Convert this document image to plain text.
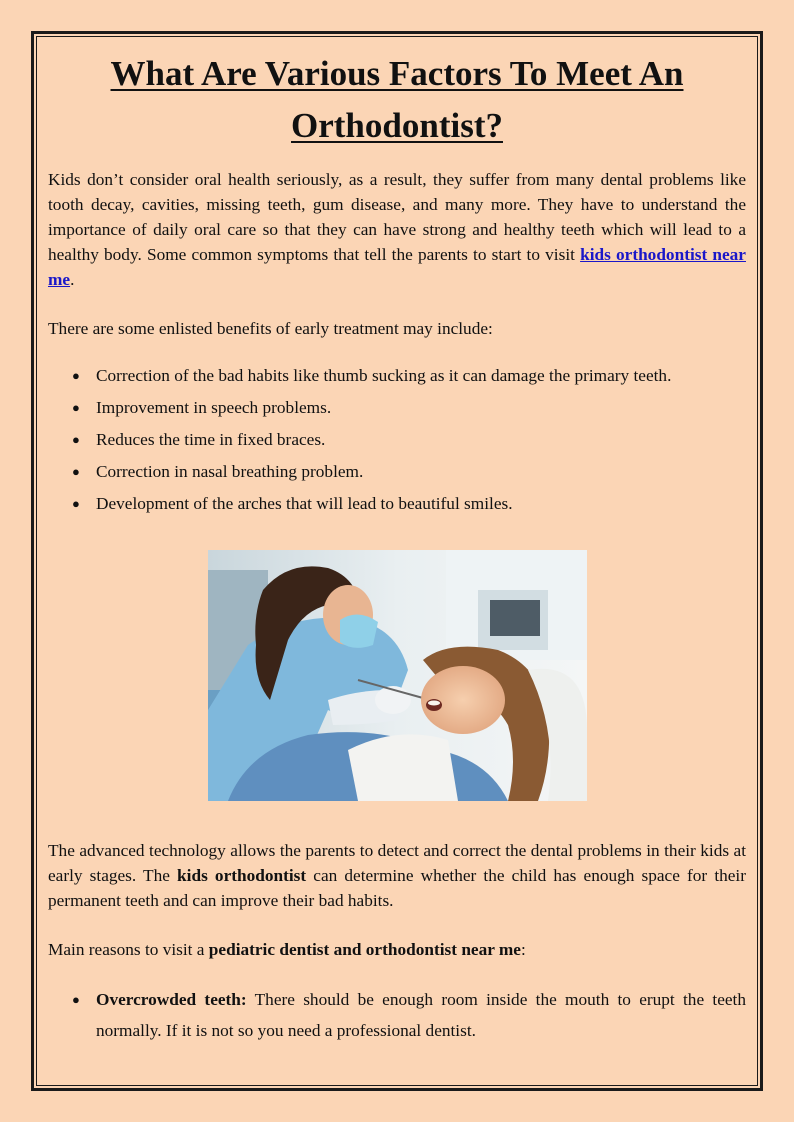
What Are Various Factors To Meet An Orthodontist?

Kids don’t consider oral health seriously, as a result, they suffer from many dental problems like tooth decay, cavities, missing teeth, gum disease, and many more. They have to understand the importance of daily oral care so that they can have strong and healthy teeth which will lead to a healthy body. Some common symptoms that tell the parents to start to visit kids orthodontist near me.

There are some enlisted benefits of early treatment may include:

● Correction of the bad habits like thumb sucking as it can damage the primary teeth.
● Improvement in speech problems.
● Reduces the time in fixed braces.
● Correction in nasal breathing problem.
● Development of the arches that will lead to beautiful smiles.

The advanced technology allows the parents to detect and correct the dental problems in their kids at early stages. The kids orthodontist can determine whether the child has enough space for their permanent teeth and can improve their bad habits.

Main reasons to visit a pediatric dentist and orthodontist near me:

● Overcrowded teeth: There should be enough room inside the mouth to erupt the teeth normally. If it is not so you need a professional dentist.
